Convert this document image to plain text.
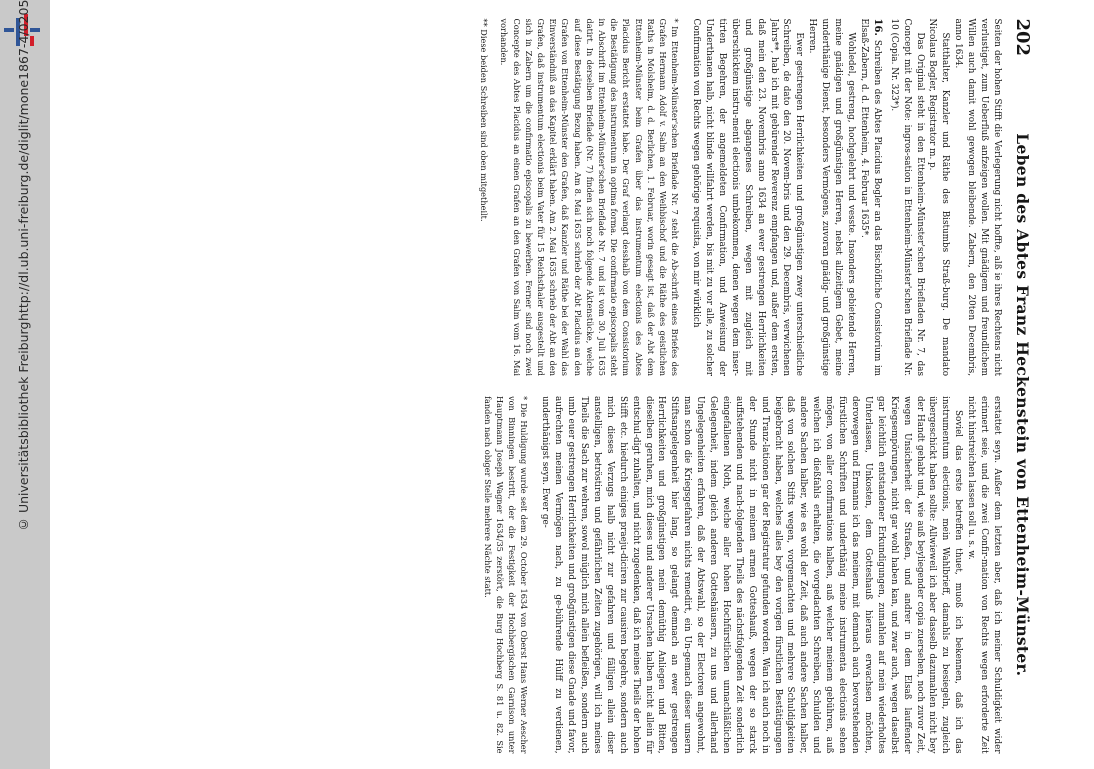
http://dl.ub.uni-freiburg.de/diglit/mone1867-4/0205
© Universitätsbibliothek Freiburg
202
Leben des Abtes Franz Heckenstein von Ettenheim-Münster.

Seiten der hohen Stifft die Verlegerung nicht hoffte, alß ie ihres Rechtens nicht verlustiget, zum Ueberfluß anfzeigen wollen. Mit gnädigem und freundlichem Willen auch damit wohl gewogen bleibende. Zabern, den 20ten Decembris, anno 1634.

Statthalter, Kanzler und Räthe des Bistumbs Straß-burg. De mandato Nicolaus Bogler, Registrator m. p.

Das Original steht in den Ettenheim-Münster'schen Briefladen Nr. 7, das Concept mit der Note: ingros-sation in Ettenheim-Münster'schen Brieflade Nr. 10 (Copia. Nr. 323*).

16.Schreiben des Abtes Placidus Bogler an das Bischöfliche Consistorium im Elsaß-Zabern, d. d. Ettenheim, 4. Februar 1635*.

Wohledel, gestreng, hochgelehrt und vesste. Insonders gebietende Herren, meine gnädigen und großgünstigen Herren, nebst allzeitigem Gebet, meine underthänige Dienst, besonders Vermögens, zuvoran gnädig- und großgünstige Herren.

Ewer gestrengen Herrlichkeiten und großgünstigen zwey unterschiedliche Schreiben, de dato den 20. Novem-bris und den 29. Decembris, verwichenen Jahrs**, hab ich mit gebürender Reverenz empfangen und, außer dem ersten, daß mein den 23. Novembris anno 1634 an ewer gestrengen Herrlichkeiten und großgünstige abgangenes Schreiben, wegen mit zugleich mit überschicktem instru-menti electionis umbekommen, denen wegen dem inser-tirten Begehren, der angemeldeten Confirmation, und Anweisung der Underthanen halb, nicht blinde willfahrt werden, bis mit zu vor alle, zu solcher Confirmation von Rechts wegen gehörige requisita, von mir würklich

* Im Ettenheim-Münster'schen Brieflade Nr. 7 steht die Ab-schrift eines Briefes des Grafen Hermann Adolf v. Salm an den Weihbischof und die Räthe des geistlichen Raths in Molsheim, d. d. Berlichen, 1. Februar, worin gesagt ist, daß der Abt dem Ettenheim-Münster beim Grafen über das instrumentum electionis des Abtes Placidus Bericht erstattet habe. Der Graf verlangt desshalb von dem Consistorium die Bestätigung des instrumentum in optima forma. Die confirmatio episcopalis steht in Abschrift im Ettenheim-Münster'schen Brieflade Nr. 7 und ist vom 30. Juli 1635 datirt. In derselben Brieflade (Nr. 7) finden sich noch folgende Aktenstücke, welche auf diese Bestätigung Bezug haben. Am 8. Mai 1635 schrieb der Abt Placidus an den Grafen von Ettenheim-Münster den Grafen, daß Kanzler und Räthe bei der Wahl das Einverständniß an das Kapitel erklärt haben. Am 2. Mai 1635 schrieb der Abt an den Grafen, daß instrumentum electionis beim Vater für 15 Reichsthaler ausgestellt und sich in Zabern um die confirmatio episcopalis zu bewerben. Ferner sind noch zwei Concepte des Abtes Placidus an einen Grafen an den Grafen von Salm vom 16. Mai vorhanden.
** Diese beiden Schreiben sind oben mitgetheilt.

erstattet seyn. Außer dem letzten aber, daß ich meiner Schuldigkeit wider erinnert seie, und die zwei Confir-mation von Rechts wegen erforderte Zeit nicht hinstreichen lassen soll u. s. w.

Soviel das erste betreffen thuet, muoß ich bekennen, daß ich das instrumentum electionis, mein Wahlbrieff, damahls zu besiegeln, zugleich übergeschickt haben sollte: Allwieweil ich aber dasselb dazumahlen nicht bey der Handt gehabt und, wie auß beyliegender copia zuersehen, noch zuvor Zeit, wegen Unsicherheit der Straßen, und andrer in dem Elsaß lauffender Kriegsempörungen, nicht gar wohl haben kan, und zwar auch, wegen daselbst gar leichtlich entstandener Erkundigungen, zumahlen auf mein wiederholtes Unterlassen, Unkosten, dem Gotteshauß hieraus erwachsen möchten, derowegen und Ermanns ich das meinem, mit demnach auch bevorstehenden fürstlichen Schriften und underthänig meine instrumenta electionis sehen mögen, von aller confirmations halben, auß welcher meinem gebühren, auß welchen ich dießfahls erhalten, die vorgedachten Schreiben, Schulden und andere Sachen halber, wie es wohl der Zeit, daß auch andere Sachen halber, daß von solchen Stifts wegen, vorgemachten und mehrere Schuldigkeiten beigebracht haben, welches alles bey den vorigen fürstlichen Bestätigungen und Tranz-lationen gar der Registratur gefunden worden. Wan ich auch noch in der Stunde nicht in meinem armen Gotteshauß, wegen der so starck auffstehenden und nach-folgenden Theils des nächstfolgenden Zeit sonderlich eingefallenen Noth, welche aller hohen Hochfürstlichen unnachläßlichen Gelegenheit, indem gleich anderen Gotteshäusern, zu uns und allerhand Ungelegenheiten erfahren, daß der Abtswahl, so der Electoren angewohnt, man schon die Kriegsgefahren nichts remedirt, ein Un-gemach dieser unsern Stiftsangelegenheit hier lang, so gelangt demnach an ewer gestrengen Herrlichkeiten und großgünstigen mein demüthig Anliegen und Bitten, dieselben geruhen, mich dieses und anderer Ursachen halben nicht allein für entschul-digt zuhalten, und nicht zugedenken, daß ich meines Theils der hohen Stifft etc. hiedurch einiges praeju-diciren zur causiren begehre, sondern auch mich dieses Verzugs halb nicht zur gefahren und fälligen allein diser anstelligen, betröstiren und gefährlichen Zeiten zugehörigen, will ich meines Theils die Sach zur wehren, sowol müglich mich allein befleißen, sondern auch umb euer gestrengen Herrlichkeiten und großgünstigen diese Gnade und favor, aufrechten meinen Vermögen nach, zu ge-bührende Hülff zu verdienen, underthänigst seyn. Ewer ge-

* Die Huldigung wurde seit dem 29. October 1634 von Oberst Hans Werner Aescher von Binningen bestritt, der die Festigkeit der Hochbergischen Garnison unter Hauptmann Joseph Wagner 1634/35 zerstört, die Burg Hochberg S. 81 u. 82. Sie fanden nach obiger Stelle mehrere Nächte statt.
